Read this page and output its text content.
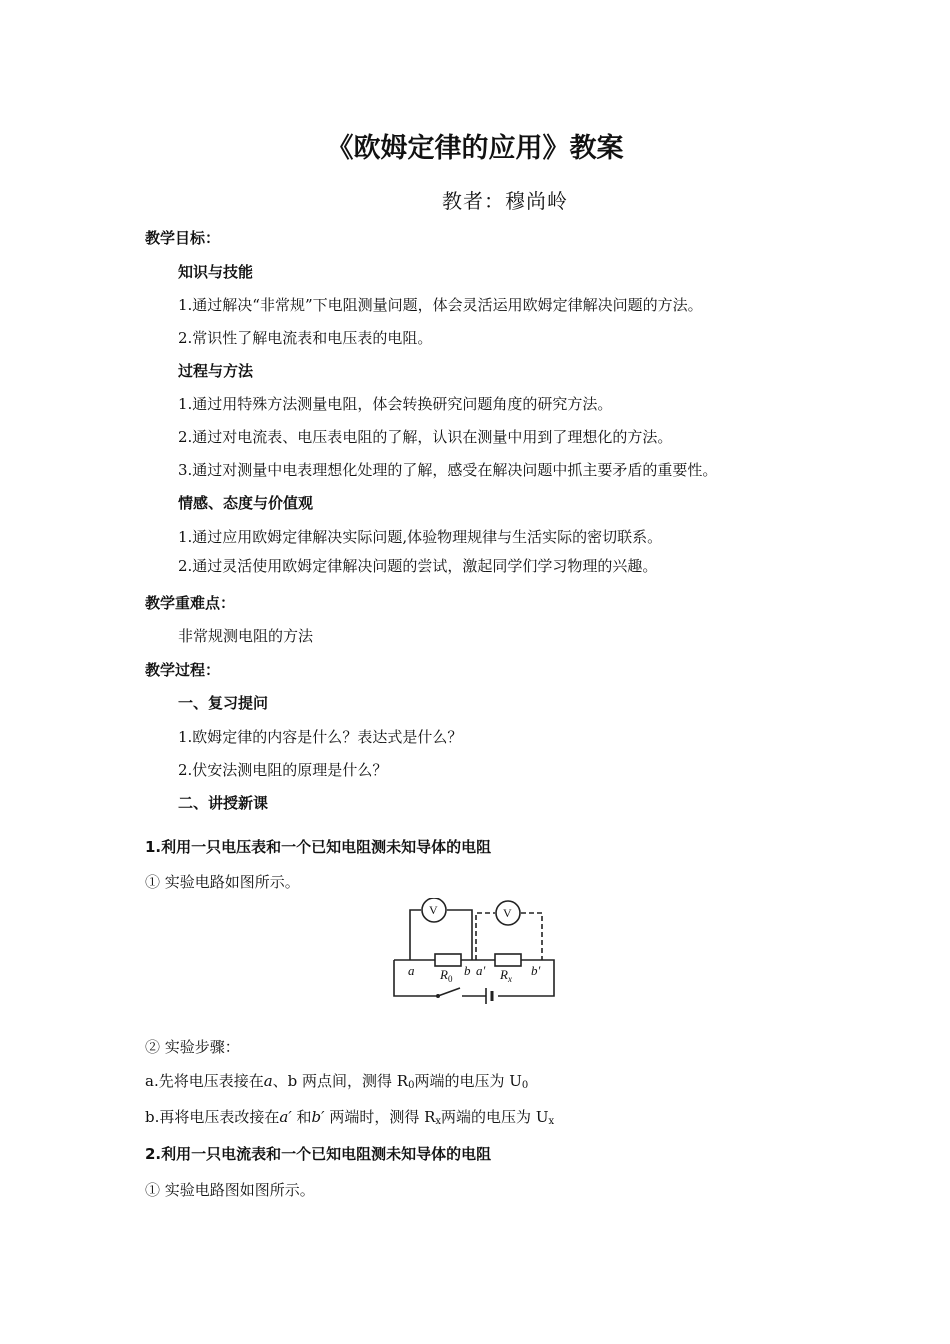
《欧姆定律的应用》教案
教者：穆尚岭
教学目标：
知识与技能
1.通过解决“非常规”下电阻测量问题，体会灵活运用欧姆定律解决问题的方法。
2.常识性了解电流表和电压表的电阻。
过程与方法
1.通过用特殊方法测量电阻，体会转换研究问题角度的研究方法。
2.通过对电流表、电压表电阻的了解，认识在测量中用到了理想化的方法。
3.通过对测量中电表理想化处理的了解，感受在解决问题中抓主要矛盾的重要性。
情感、态度与价值观
1.通过应用欧姆定律解决实际问题,体验物理规律与生活实际的密切联系。
2.通过灵活使用欧姆定律解决问题的尝试，激起同学们学习物理的兴趣。
教学重难点：
非常规测电阻的方法
教学过程：
一、复习提问
1.欧姆定律的内容是什么？表达式是什么？
2.伏安法测电阻的原理是什么？
二、讲授新课
1.利用一只电压表和一个已知电阻测未知导体的电阻
① 实验电路如图所示。
V	V
a $R_0$
b a′ $R_x$
b′
② 实验步骤：
a.先将电压表接在a、b 两点间，测得 $R_0$两端的电压为 $U_0$
b.再将电压表改接在a′ 和b′ 两端时，测得 $R_x$两端的电压为 $U_x$
2.利用一只电流表和一个已知电阻测未知导体的电阻
① 实验电路图如图所示。
